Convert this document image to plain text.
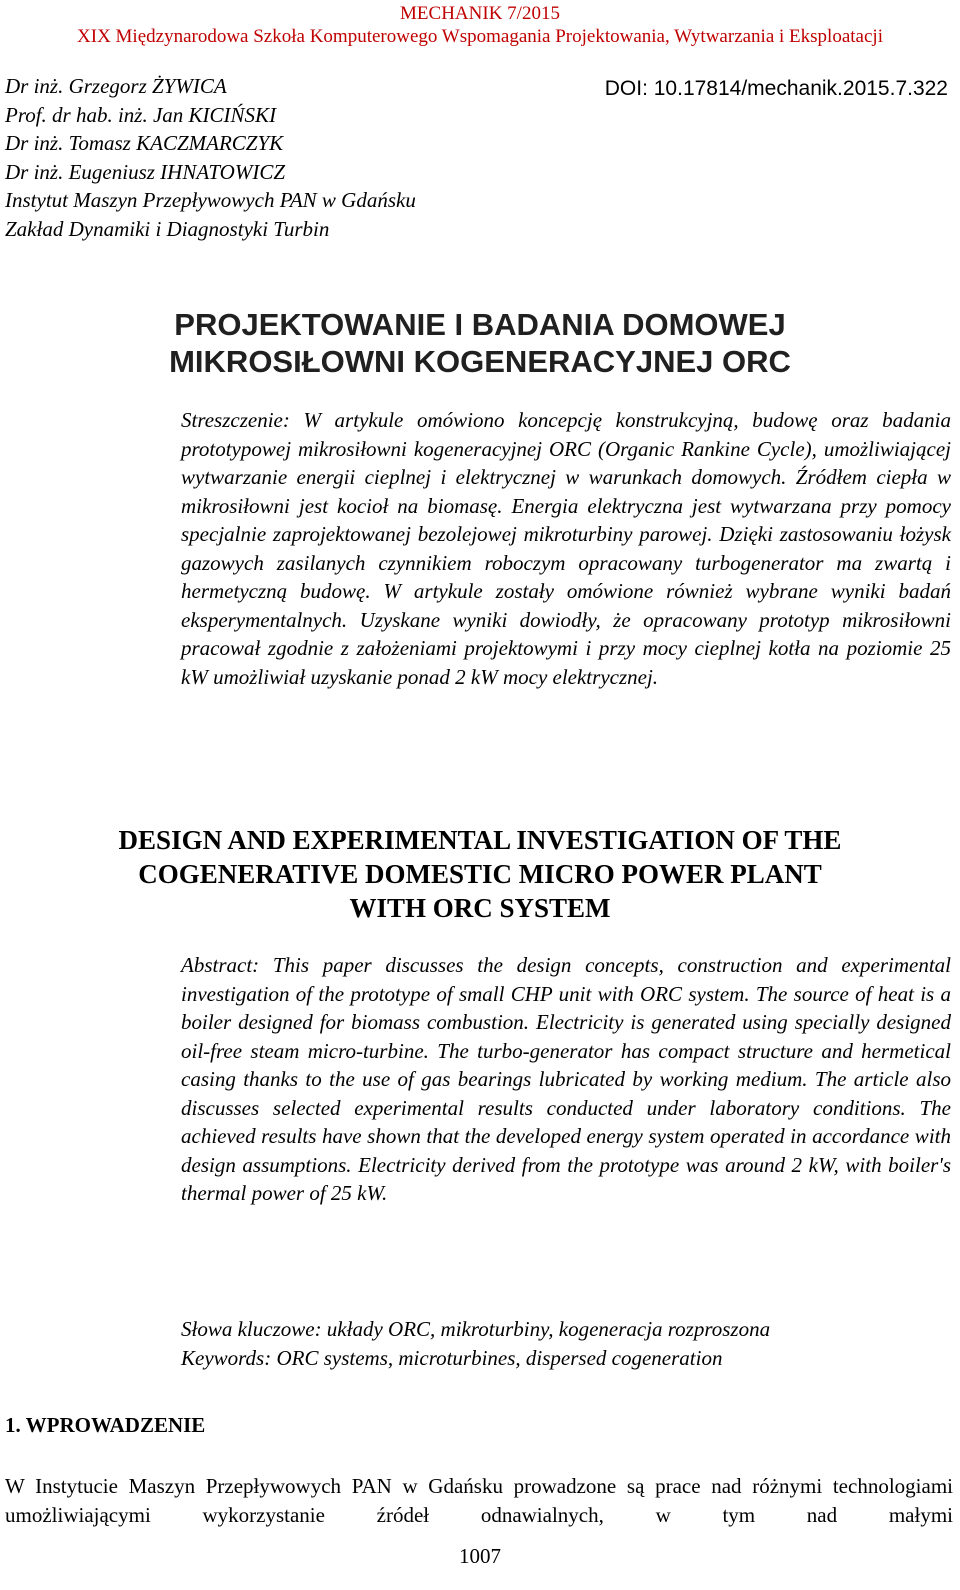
MECHANIK 7/2015
XIX Międzynarodowa Szkoła Komputerowego Wspomagania Projektowania, Wytwarzania i Eksploatacji
Dr inż. Grzegorz ŻYWICA
Prof. dr hab. inż. Jan KICIŃSKI
Dr inż. Tomasz KACZMARCZYK
Dr inż. Eugeniusz IHNATOWICZ
Instytut Maszyn Przepływowych PAN w Gdańsku
Zakład Dynamiki i Diagnostyki Turbin
DOI: 10.17814/mechanik.2015.7.322
PROJEKTOWANIE I BADANIA DOMOWEJ
MIKROSIŁOWNI KOGENERACYJNEJ ORC
Streszczenie: W artykule omówiono koncepcję konstrukcyjną, budowę oraz badania prototypowej mikrosiłowni kogeneracyjnej ORC (Organic Rankine Cycle), umożliwiającej wytwarzanie energii cieplnej i elektrycznej w warunkach domowych. Źródłem ciepła w mikrosiłowni jest kocioł na biomasę. Energia elektryczna jest wytwarzana przy pomocy specjalnie zaprojektowanej bezolejowej mikroturbiny parowej. Dzięki zastosowaniu łożysk gazowych zasilanych czynnikiem roboczym opracowany turbogenerator ma zwartą i hermetyczną budowę. W artykule zostały omówione również wybrane wyniki badań eksperymentalnych. Uzyskane wyniki dowiodły, że opracowany prototyp mikrosiłowni pracował zgodnie z założeniami projektowymi i przy mocy cieplnej kotła na poziomie 25 kW umożliwiał uzyskanie ponad 2 kW mocy elektrycznej.
DESIGN AND EXPERIMENTAL INVESTIGATION OF THE
COGENERATIVE DOMESTIC MICRO POWER PLANT
WITH ORC SYSTEM
Abstract: This paper discusses the design concepts, construction and experimental investigation of the prototype of small CHP unit with ORC system. The source of heat is a boiler designed for biomass combustion. Electricity is generated using specially designed oil-free steam micro-turbine. The turbo-generator has compact structure and hermetical casing thanks to the use of gas bearings lubricated by working medium. The article also discusses selected experimental results conducted under laboratory conditions. The achieved results have shown that the developed energy system operated in accordance with design assumptions. Electricity derived from the prototype was around 2 kW, with boiler's thermal power of 25 kW.
Słowa kluczowe: układy ORC, mikroturbiny, kogeneracja rozproszona
Keywords: ORC systems, microturbines, dispersed cogeneration
1. WPROWADZENIE
W Instytucie Maszyn Przepływowych PAN w Gdańsku prowadzone są prace nad różnymi technologiami umożliwiającymi wykorzystanie źródeł odnawialnych, w tym nad małymi
1007
